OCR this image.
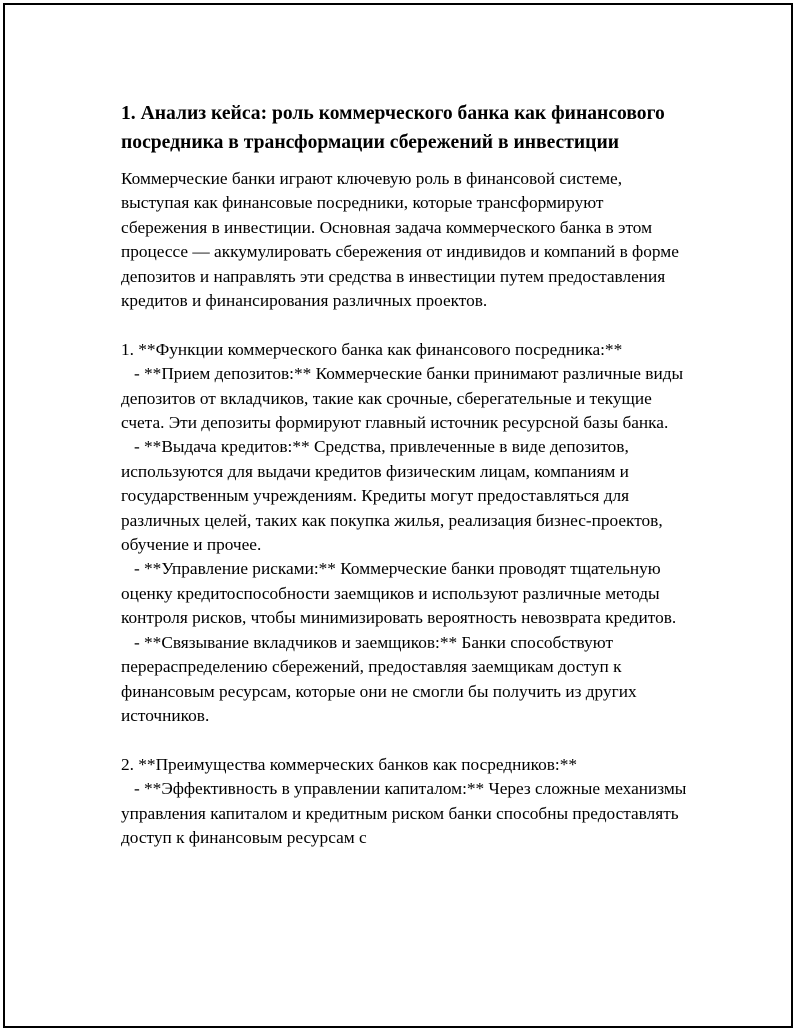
1. Анализ кейса: роль коммерческого банка как финансового посредника в трансформации сбережений в инвестиции

Коммерческие банки играют ключевую роль в финансовой системе, выступая как финансовые посредники, которые трансформируют сбережения в инвестиции. Основная задача коммерческого банка в этом процессе — аккумулировать сбережения от индивидов и компаний в форме депозитов и направлять эти средства в инвестиции путем предоставления кредитов и финансирования различных проектов.

1. **Функции коммерческого банка как финансового посредника:**

- **Прием депозитов:** Коммерческие банки принимают различные виды депозитов от вкладчиков, такие как срочные, сберегательные и текущие счета. Эти депозиты формируют главный источник ресурсной базы банка.

- **Выдача кредитов:** Средства, привлеченные в виде депозитов, используются для выдачи кредитов физическим лицам, компаниям и государственным учреждениям. Кредиты могут предоставляться для различных целей, таких как покупка жилья, реализация бизнес-проектов, обучение и прочее.

- **Управление рисками:** Коммерческие банки проводят тщательную оценку кредитоспособности заемщиков и используют различные методы контроля рисков, чтобы минимизировать вероятность невозврата кредитов.

- **Связывание вкладчиков и заемщиков:** Банки способствуют перераспределению сбережений, предоставляя заемщикам доступ к финансовым ресурсам, которые они не смогли бы получить из других источников.

2. **Преимущества коммерческих банков как посредников:**

- **Эффективность в управлении капиталом:** Через сложные механизмы управления капиталом и кредитным риском банки способны предоставлять доступ к финансовым ресурсам с
